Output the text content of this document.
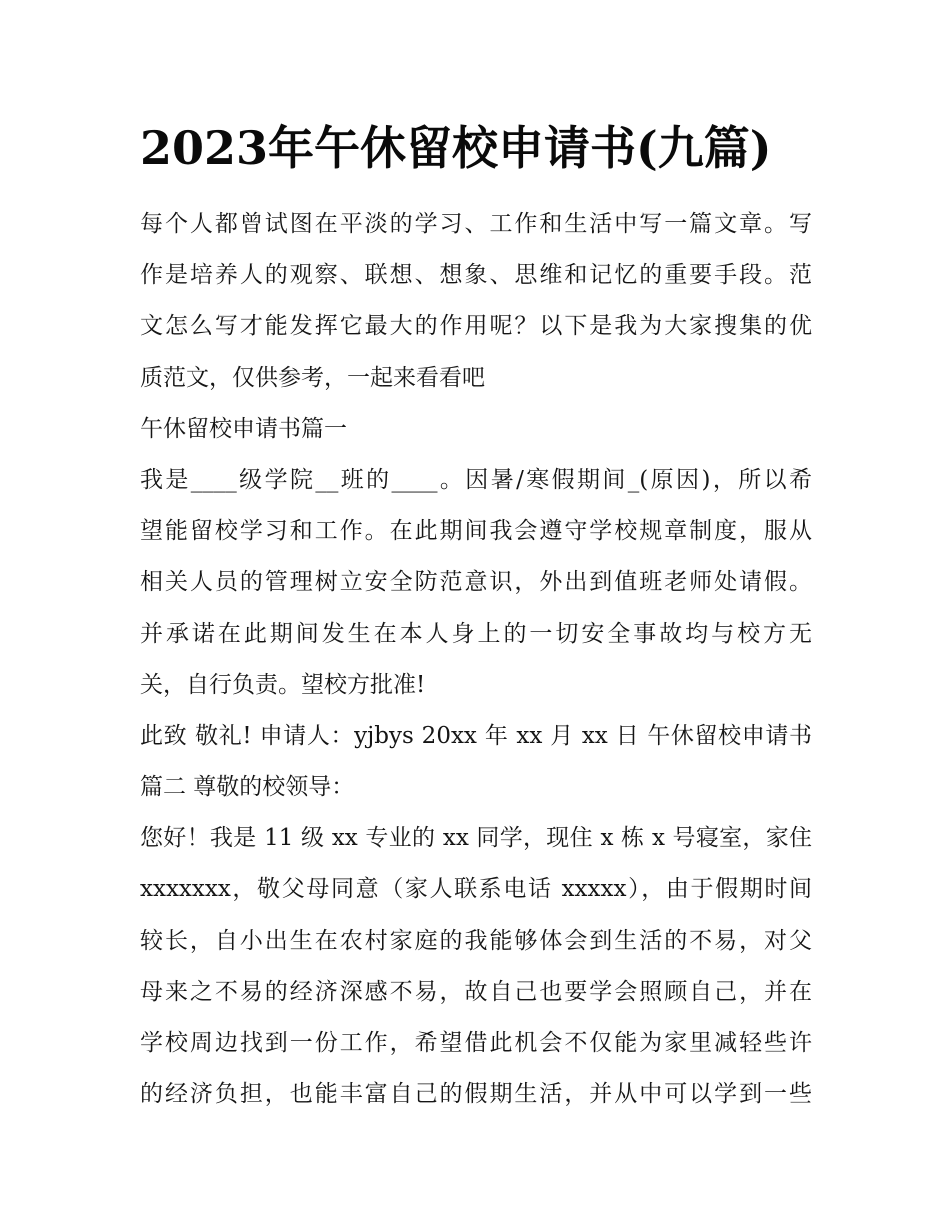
2023年午休留校申请书(九篇)

每个人都曾试图在平淡的学习、工作和生活中写一篇文章。写

作是培养人的观察、联想、想象、思维和记忆的重要手段。范

文怎么写才能发挥它最大的作用呢？以下是我为大家搜集的优

质范文，仅供参考，一起来看看吧

午休留校申请书篇一

我是____级学院__班的____。因暑/寒假期间_(原因)，所以希

望能留校学习和工作。在此期间我会遵守学校规章制度，服从

相关人员的管理树立安全防范意识，外出到值班老师处请假。

并承诺在此期间发生在本人身上的一切安全事故均与校方无

关，自行负责。望校方批准!

此致 敬礼! 申请人：yjbys 20xx 年 xx 月 xx 日 午休留校申请书

篇二 尊敬的校领导：

您好！我是 11 级 xx 专业的 xx 同学，现住 x 栋 x 号寝室，家住

xxxxxxx，敬父母同意（家人联系电话 xxxxx），由于假期时间

较长，自小出生在农村家庭的我能够体会到生活的不易，对父

母来之不易的经济深感不易，故自己也要学会照顾自己，并在

学校周边找到一份工作，希望借此机会不仅能为家里减轻些许

的经济负担，也能丰富自己的假期生活，并从中可以学到一些
